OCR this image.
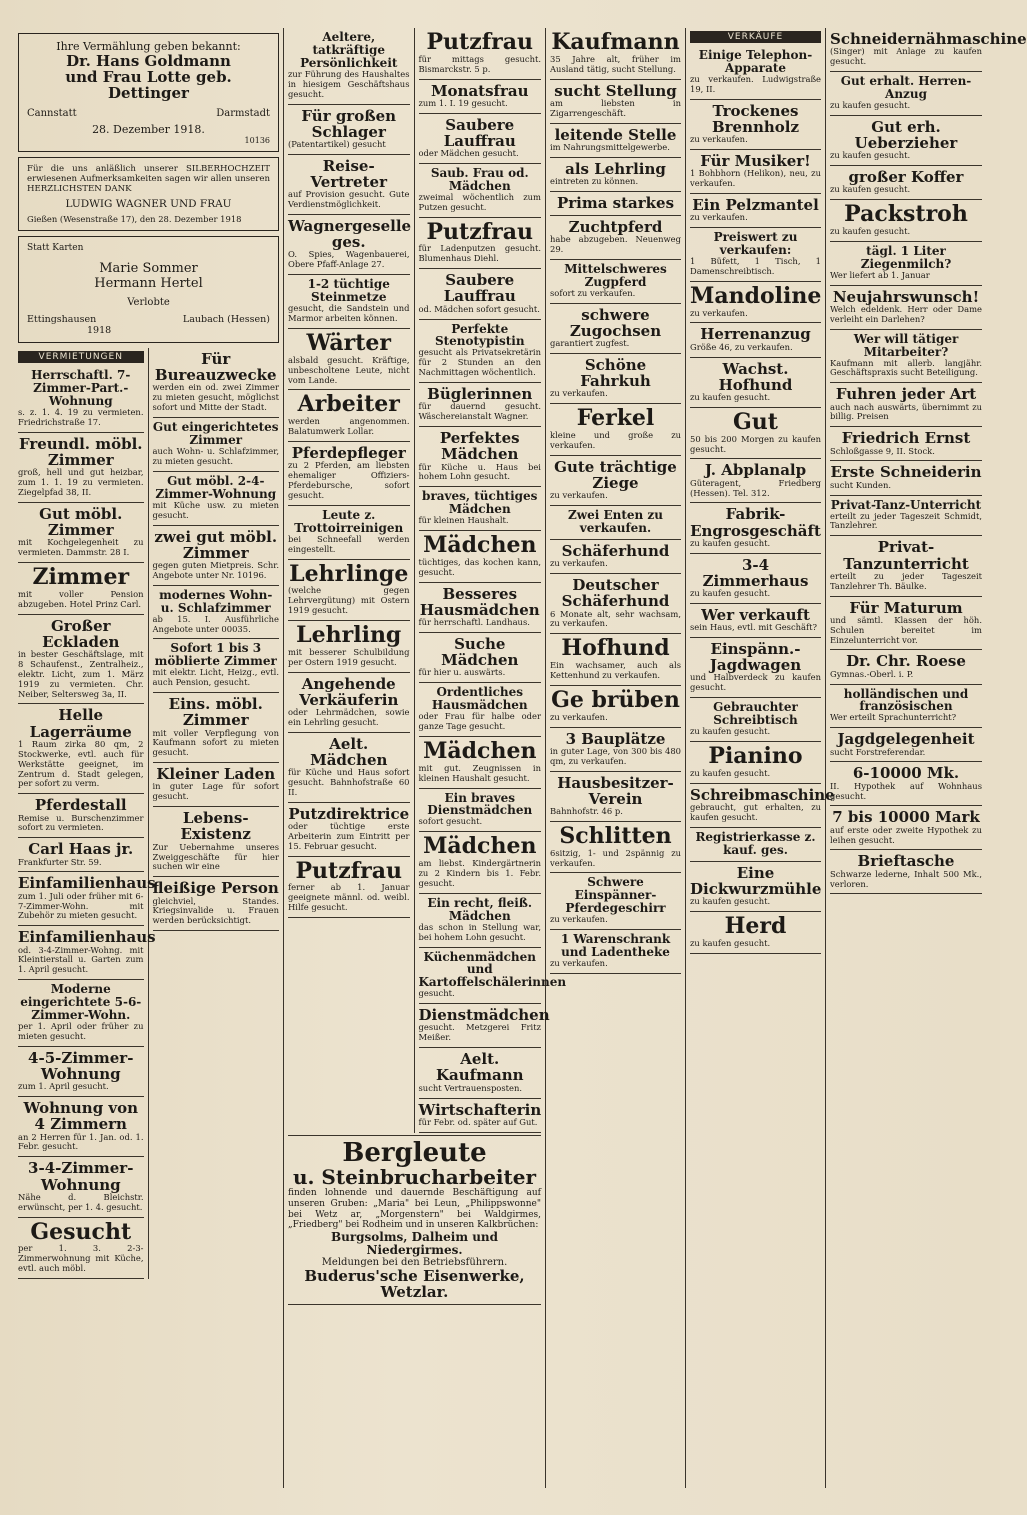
Ihre Vermählung geben bekannt:
Dr. Hans Goldmann
und Frau Lotte geb. Dettinger
Cannstatt	Darmstadt
28. Dezember 1918.
10136
Für die uns anläßlich unserer SILBERHOCHZEIT erwiesenen Aufmerksamkeiten sagen wir allen unseren HERZLICHSTEN DANK
LUDWIG WAGNER UND FRAU
Gießen (Wesenstraße 17), den 28. Dezember 1918
Statt Karten
Marie Sommer
Hermann Hertel
Verlobte
Ettingshausen	Laubach (Hessen)
1918
VERMIETUNGEN
Herrschaftl. 7-Zimmer-Part.-Wohnung
s. z. 1. 4. 19 zu vermieten. Friedrichstraße 17.
Freundl. möbl. Zimmer
groß, hell und gut heizbar, zum 1. 1. 19 zu vermieten. Ziegelpfad 38, II.
Gut möbl. Zimmer
mit Kochgelegenheit zu vermieten. Dammstr. 28 I.
Zimmer
mit voller Pension abzugeben. Hotel Prinz Carl.
Großer Eckladen
in bester Geschäftslage, mit 8 Schaufenst., Zentralheiz., elektr. Licht, zum 1. März 1919 zu vermieten. Chr. Neiber, Seltersweg 3a, II.
Helle Lagerräume
1 Raum zirka 80 qm, 2 Stockwerke, evtl. auch für Werkstätte geeignet, im Zentrum d. Stadt gelegen, per sofort zu verm.
Pferdestall
Remise u. Burschenzimmer sofort zu vermieten.
Carl Haas jr.
Frankfurter Str. 59.
Einfamilienhaus
zum 1. Juli oder früher mit 6-7-Zimmer-Wohn. mit Zubehör zu mieten gesucht.
Einfamilienhaus
od. 3-4-Zimmer-Wohng. mit Kleintierstall u. Garten zum 1. April gesucht.
Moderne eingerichtete 5-6-Zimmer-Wohn.
per 1. April oder früher zu mieten gesucht.
4-5-Zimmer-Wohnung
zum 1. April gesucht.
Wohnung von 4 Zimmern
an 2 Herren für 1. Jan. od. 1. Febr. gesucht.
3-4-Zimmer-Wohnung
Nähe d. Bleichstr. erwünscht, per 1. 4. gesucht.
Gesucht
per 1. 3. 2-3-Zimmerwohnung mit Küche, evtl. auch möbl.
Für Bureauzwecke
werden ein od. zwei Zimmer zu mieten gesucht, möglichst sofort und Mitte der Stadt.
Gut eingerichtetes Zimmer
auch Wohn- u. Schlafzimmer, zu mieten gesucht.
Gut möbl. 2-4-Zimmer-Wohnung
mit Küche usw. zu mieten gesucht.
zwei gut möbl. Zimmer
gegen guten Mietpreis. Schr. Angebote unter Nr. 10196.
modernes Wohn- u. Schlafzimmer
ab 15. I. Ausführliche Angebote unter 00035.
Sofort 1 bis 3 möblierte Zimmer
mit elektr. Licht, Heizg., evtl. auch Pension, gesucht.
Eins. möbl. Zimmer
mit voller Verpflegung von Kaufmann sofort zu mieten gesucht.
Kleiner Laden
in guter Lage für sofort gesucht.
Lebens-Existenz
Zur Uebernahme unseres Zweiggeschäfte für hier suchen wir eine
fleißige Person
gleichviel, Standes. Kriegsinvalide u. Frauen werden berücksichtigt.
Aeltere, tatkräftige Persönlichkeit
zur Führung des Haushaltes in hiesigem Geschäftshaus gesucht.
Für großen Schlager
(Patentartikel) gesucht
Reise-Vertreter
auf Provision gesucht. Gute Verdienstmöglichkeit.
Wagnergeselle ges.
O. Spies, Wagenbauerei, Obere Pfaff-Anlage 27.
1-2 tüchtige Steinmetze
gesucht, die Sandstein und Marmor arbeiten können.
Wärter
alsbald gesucht. Kräftige, unbescholtene Leute, nicht vom Lande.
Arbeiter
werden angenommen. Balatumwerk Lollar.
Pferdepfleger
zu 2 Pferden, am liebsten ehemaliger Offiziers-Pferdebursche, sofort gesucht.
Leute z. Trottoirreinigen
bei Schneefall werden eingestellt.
Lehrlinge
(welche gegen Lehrvergütung) mit Ostern 1919 gesucht.
Lehrling
mit besserer Schulbildung per Ostern 1919 gesucht.
Angehende Verkäuferin
oder Lehrmädchen, sowie ein Lehrling gesucht.
Aelt. Mädchen
für Küche und Haus sofort gesucht. Bahnhofstraße 60 II.
Putzdirektrice
oder tüchtige erste Arbeiterin zum Eintritt per 15. Februar gesucht.
Putzfrau
ferner ab 1. Januar geeignete männl. od. weibl. Hilfe gesucht.
Putzfrau
für mittags gesucht. Bismarckstr. 5 p.
Monatsfrau
zum 1. I. 19 gesucht.
Saubere Lauffrau
oder Mädchen gesucht.
Saub. Frau od. Mädchen
zweimal wöchentlich zum Putzen gesucht.
Putzfrau
für Ladenputzen gesucht. Blumenhaus Diehl.
Saubere Lauffrau
od. Mädchen sofort gesucht.
Perfekte Stenotypistin
gesucht als Privatsekretärin für 2 Stunden an den Nachmittagen wöchentlich.
Büglerinnen
für dauernd gesucht. Wäschereianstalt Wagner.
Perfektes Mädchen
für Küche u. Haus bei hohem Lohn gesucht.
braves, tüchtiges Mädchen
für kleinen Haushalt.
Mädchen
tüchtiges, das kochen kann, gesucht.
Besseres Hausmädchen
für herrschaftl. Landhaus.
Suche Mädchen
für hier u. auswärts.
Ordentliches Hausmädchen
oder Frau für halbe oder ganze Tage gesucht.
Mädchen
mit gut. Zeugnissen in kleinen Haushalt gesucht.
Ein braves Dienstmädchen
sofort gesucht.
Mädchen
am liebst. Kindergärtnerin zu 2 Kindern bis 1. Febr. gesucht.
Ein recht, fleiß. Mädchen
das schon in Stellung war, bei hohem Lohn gesucht.
Küchenmädchen und Kartoffelschälerinnen
gesucht.
Dienstmädchen
gesucht. Metzgerei Fritz Meißer.
Aelt. Kaufmann
sucht Vertrauensposten.
Wirtschafterin
für Febr. od. später auf Gut.
Bergleute
u. Steinbrucharbeiter
finden lohnende und dauernde Beschäftigung auf unseren Gruben: „Maria" bei Leun, „Philippswonne" bei Wetz ar, „Morgenstern" bei Waldgirmes, „Friedberg" bei Rodheim und in unseren Kalkbrüchen:
Burgsolms, Dalheim und Niedergirmes.
Meldungen bei den Betriebsführern.
Buderus'sche Eisenwerke, Wetzlar.
Kaufmann
35 Jahre alt, früher im Ausland tätig, sucht Stellung.
sucht Stellung
am liebsten in Zigarrengeschäft.
leitende Stelle
im Nahrungsmittelgewerbe.
als Lehrling
eintreten zu können.
Prima starkes
Zuchtpferd
habe abzugeben. Neuenweg 29.
Mittelschweres Zugpferd
sofort zu verkaufen.
schwere Zugochsen
garantiert zugfest.
Schöne Fahrkuh
zu verkaufen.
Ferkel
kleine und große zu verkaufen.
Gute trächtige Ziege
zu verkaufen.
Zwei Enten zu verkaufen.
Schäferhund
zu verkaufen.
Deutscher Schäferhund
6 Monate alt, sehr wachsam, zu verkaufen.
Hofhund
Ein wachsamer, auch als Kettenhund zu verkaufen.
Ge brüben
zu verkaufen.
3 Bauplätze
in guter Lage, von 300 bis 480 qm, zu verkaufen.
Hausbesitzer-Verein
Bahnhofstr. 46 p.
Schlitten
6sitzig, 1- und 2spännig zu verkaufen.
Schwere Einspänner-Pferdegeschirr
zu verkaufen.
1 Warenschrank und Ladentheke
zu verkaufen.
VERKÄUFE
Einige Telephon-Apparate
zu verkaufen. Ludwigstraße 19, II.
Trockenes Brennholz
zu verkaufen.
Für Musiker!
1 Bohbhorn (Helikon), neu, zu verkaufen.
Ein Pelzmantel
zu verkaufen.
Preiswert zu verkaufen:
1 Büfett, 1 Tisch, 1 Damenschreibtisch.
Mandoline
zu verkaufen.
Herrenanzug
Größe 46, zu verkaufen.
Wachst. Hofhund
zu kaufen gesucht.
Gut
50 bis 200 Morgen zu kaufen gesucht.
J. Abplanalp
Güteragent, Friedberg (Hessen). Tel. 312.
Fabrik-Engrosgeschäft
zu kaufen gesucht.
3-4 Zimmerhaus
zu kaufen gesucht.
Wer verkauft
sein Haus, evtl. mit Geschäft?
Einspänn.-Jagdwagen
und Halbverdeck zu kaufen gesucht.
Gebrauchter Schreibtisch
zu kaufen gesucht.
Pianino
zu kaufen gesucht.
Schreibmaschine
gebraucht, gut erhalten, zu kaufen gesucht.
Registrierkasse z. kauf. ges.
Eine Dickwurzmühle
zu kaufen gesucht.
Herd
zu kaufen gesucht.
Schneidernähmaschine
(Singer) mit Anlage zu kaufen gesucht.
Gut erhalt. Herren-Anzug
zu kaufen gesucht.
Gut erh. Ueberzieher
zu kaufen gesucht.
großer Koffer
zu kaufen gesucht.
Packstroh
zu kaufen gesucht.
tägl. 1 Liter Ziegenmilch?
Wer liefert ab 1. Januar
Neujahrswunsch!
Welch edeldenk. Herr oder Dame verleiht ein Darlehen?
Wer will tätiger Mitarbeiter?
Kaufmann mit allerb. langjähr. Geschäftspraxis sucht Beteiligung.
Fuhren jeder Art
auch nach auswärts, übernimmt zu billig. Preisen
Friedrich Ernst
Schloßgasse 9, II. Stock.
Erste Schneiderin
sucht Kunden.
Privat-Tanz-Unterricht
erteilt zu jeder Tageszeit Schmidt, Tanzlehrer.
Privat-Tanzunterricht
erteilt zu jeder Tageszeit Tanzlehrer Th. Bäulke.
Für Maturum
und sämtl. Klassen der höh. Schulen bereitet im Einzelunterricht vor.
Dr. Chr. Roese
Gymnas.-Oberl. i. P.
holländischen und französischen
Wer erteilt Sprachunterricht?
Jagdgelegenheit
sucht Forstreferendar.
6-10000 Mk.
II. Hypothek auf Wohnhaus gesucht.
7 bis 10000 Mark
auf erste oder zweite Hypothek zu leihen gesucht.
Brieftasche
Schwarze lederne, Inhalt 500 Mk., verloren.
